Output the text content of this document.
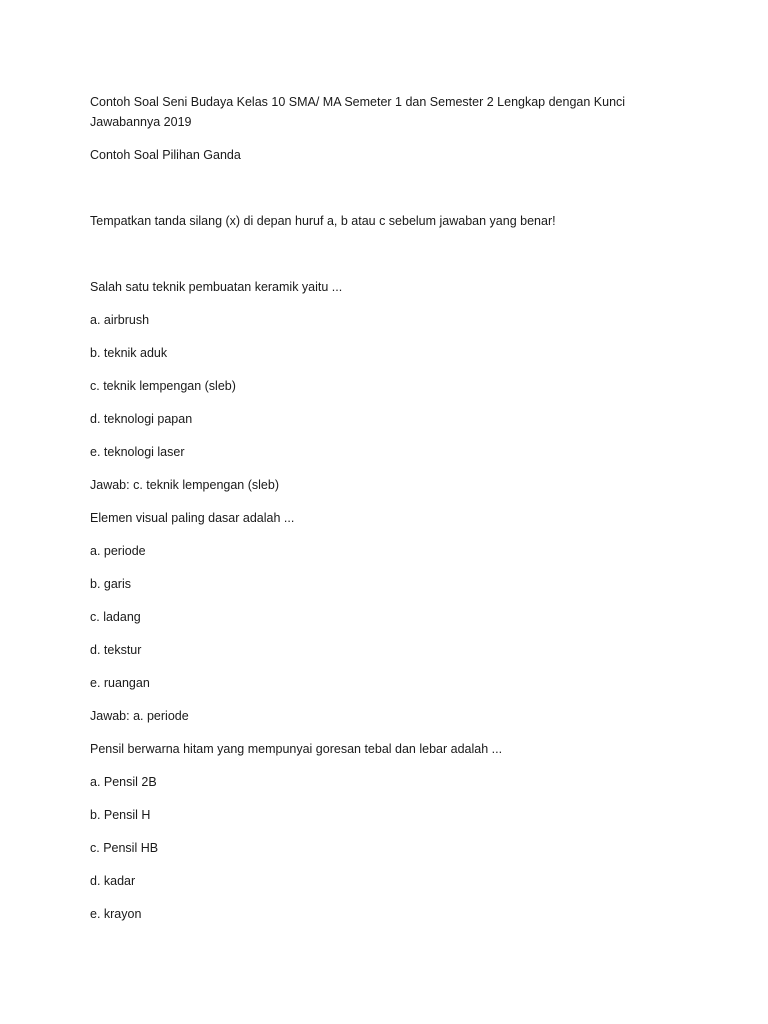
Contoh Soal Seni Budaya Kelas 10 SMA/ MA Semeter 1 dan Semester 2 Lengkap dengan Kunci Jawabannya 2019

Contoh Soal Pilihan Ganda

Tempatkan tanda silang (x) di depan huruf a, b atau c sebelum jawaban yang benar!

Salah satu teknik pembuatan keramik yaitu ...

a. airbrush

b. teknik aduk

c. teknik lempengan (sleb)

d. teknologi papan

e. teknologi laser

Jawab: c. teknik lempengan (sleb)

Elemen visual paling dasar adalah ...

a. periode

b. garis

c. ladang

d. tekstur

e. ruangan

Jawab: a. periode

Pensil berwarna hitam yang mempunyai goresan tebal dan lebar adalah ...

a. Pensil 2B

b. Pensil H

c. Pensil HB

d. kadar

e. krayon
